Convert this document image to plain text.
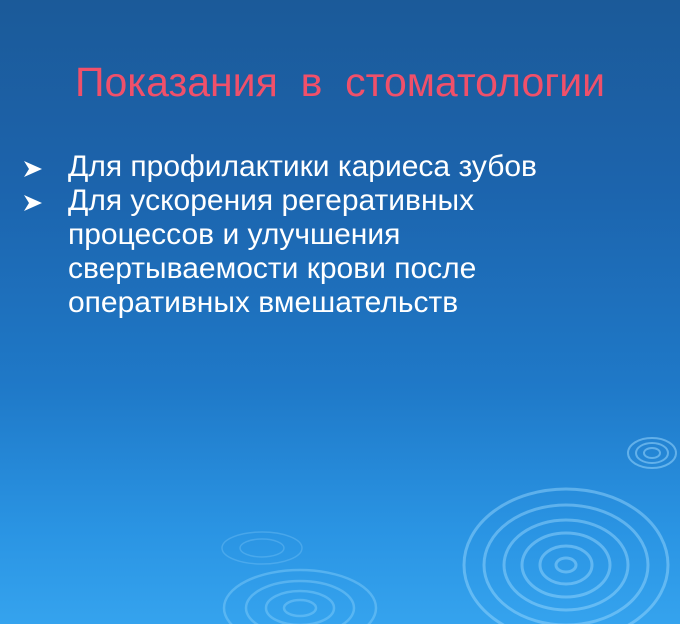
Показания  в  стоматологии
Для профилактики кариеса зубов
Для ускорения регеративных
процессов и улучшения
свертываемости крови после
оперативных вмешательств
